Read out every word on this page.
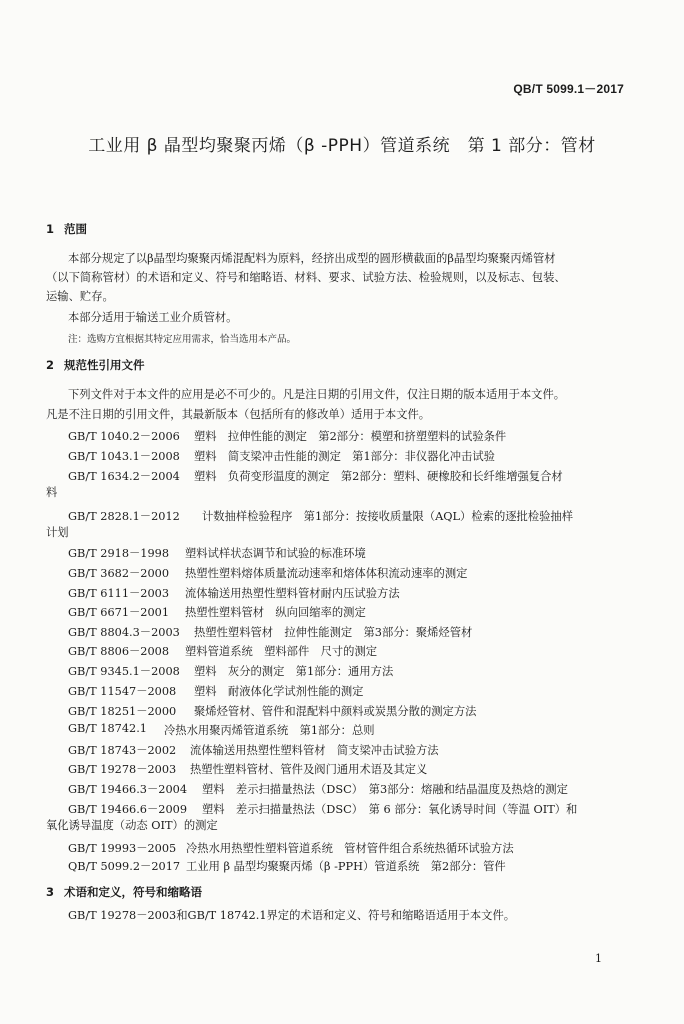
QB/T 5099.1－2017
工业用 β 晶型均聚聚丙烯（β -PPH）管道系统　第 1 部分：管材
1 范围
本部分规定了以β晶型均聚聚丙烯混配料为原料，经挤出成型的圆形横截面的β晶型均聚聚丙烯管材
（以下简称管材）的术语和定义、符号和缩略语、材料、要求、试验方法、检验规则，以及标志、包装、
运输、贮存。
本部分适用于输送工业介质管材。
注：选购方宜根据其特定应用需求，恰当选用本产品。
2 规范性引用文件
下列文件对于本文件的应用是必不可少的。凡是注日期的引用文件，仅注日期的版本适用于本文件。
凡是不注日期的引用文件，其最新版本（包括所有的修改单）适用于本文件。
GB/T 1040.2－2006 塑料　拉伸性能的测定　第2部分：模塑和挤塑塑料的试验条件
GB/T 1043.1－2008 塑料　简支梁冲击性能的测定　第1部分：非仪器化冲击试验
GB/T 1634.2－2004 塑料　负荷变形温度的测定　第2部分：塑料、硬橡胶和长纤维增强复合材
料
GB/T 2828.1－2012 计数抽样检验程序　第1部分：按接收质量限（AQL）检索的逐批检验抽样
计划
GB/T 2918－1998 塑料试样状态调节和试验的标准环境
GB/T 3682－2000 热塑性塑料熔体质量流动速率和熔体体积流动速率的测定
GB/T 6111－2003 流体输送用热塑性塑料管材耐内压试验方法
GB/T 6671－2001 热塑性塑料管材　纵向回缩率的测定
GB/T 8804.3－2003 热塑性塑料管材　拉伸性能测定　第3部分：聚烯烃管材
GB/T 8806－2008 塑料管道系统　塑料部件　尺寸的测定
GB/T 9345.1－2008 塑料　灰分的测定　第1部分：通用方法
GB/T 11547－2008 塑料　耐液体化学试剂性能的测定
GB/T 18251－2000 聚烯烃管材、管件和混配料中颜料或炭黑分散的测定方法
GB/T 18742.1 冷热水用聚丙烯管道系统　第1部分：总则
GB/T 18743－2002 流体输送用热塑性塑料管材　简支梁冲击试验方法
GB/T 19278－2003 热塑性塑料管材、管件及阀门通用术语及其定义
GB/T 19466.3－2004 塑料　差示扫描量热法（DSC）　第3部分：熔融和结晶温度及热焓的测定
GB/T 19466.6－2009 塑料　差示扫描量热法（DSC）　第 6 部分：氧化诱导时间（等温 OIT）和
氧化诱导温度（动态 OIT）的测定
GB/T 19993－2005 冷热水用热塑性塑料管道系统　管材管件组合系统热循环试验方法
QB/T 5099.2－2017 工业用 β 晶型均聚聚丙烯（β -PPH）管道系统　第2部分：管件
3 术语和定义，符号和缩略语
GB/T 19278－2003和GB/T 18742.1界定的术语和定义、符号和缩略语适用于本文件。
1
